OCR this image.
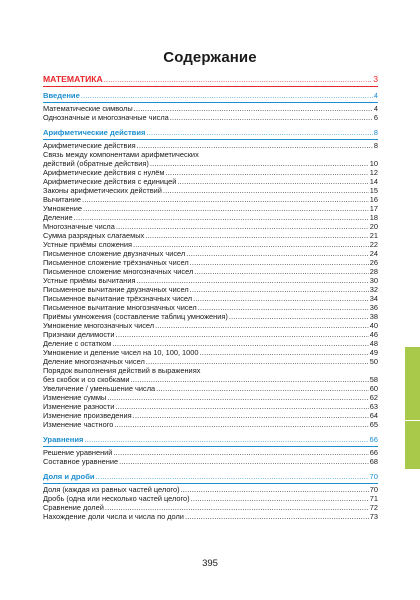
Содержание
МАТЕМАТИКА .....	3
Введение .....	4
Математические символы .....	4
Однозначные и многозначные числа .....	6
Арифметические действия .....	8
Арифметические действия .....	8
Связь между компонентами арифметических
действий (обратные действия) .....	10
Арифметические действия с нулём .....	12
Арифметические действия с единицей .....	14
Законы арифметических действий .....	15
Вычитание .....	16
Умножение .....	17
Деление .....	18
Многозначные числа .....	20
Сумма разрядных слагаемых .....	21
Устные приёмы сложения .....	22
Письменное сложение двузначных чисел .....	24
Письменное сложение трёхзначных чисел .....	26
Письменное сложение многозначных чисел .....	28
Устные приёмы вычитания .....	30
Письменное вычитание двузначных чисел .....	32
Письменное вычитание трёхзначных чисел .....	34
Письменное вычитание многозначных чисел .....	36
Приёмы умножения (составление таблиц умножения) .....	38
Умножение многозначных чисел .....	40
Признаки делимости .....	46
Деление с остатком .....	48
Умножение и деление чисел на 10, 100, 1000 .....	49
Деление многозначных чисел .....	50
Порядок выполнения действий в выражениях
без скобок и со скобками .....	58
Увеличение / уменьшение числа .....	60
Изменение суммы .....	62
Изменение разности .....	63
Изменение произведения .....	64
Изменение частного .....	65
Уравнения .....	66
Решение уравнений .....	66
Составное уравнение .....	68
Доля и дроби .....	70
Доля (каждая из равных частей целого) .....	70
Дробь (одна или несколько частей целого) .....	71
Сравнение долей .....	72
Нахождение доли числа и числа по доли .....	73
395
